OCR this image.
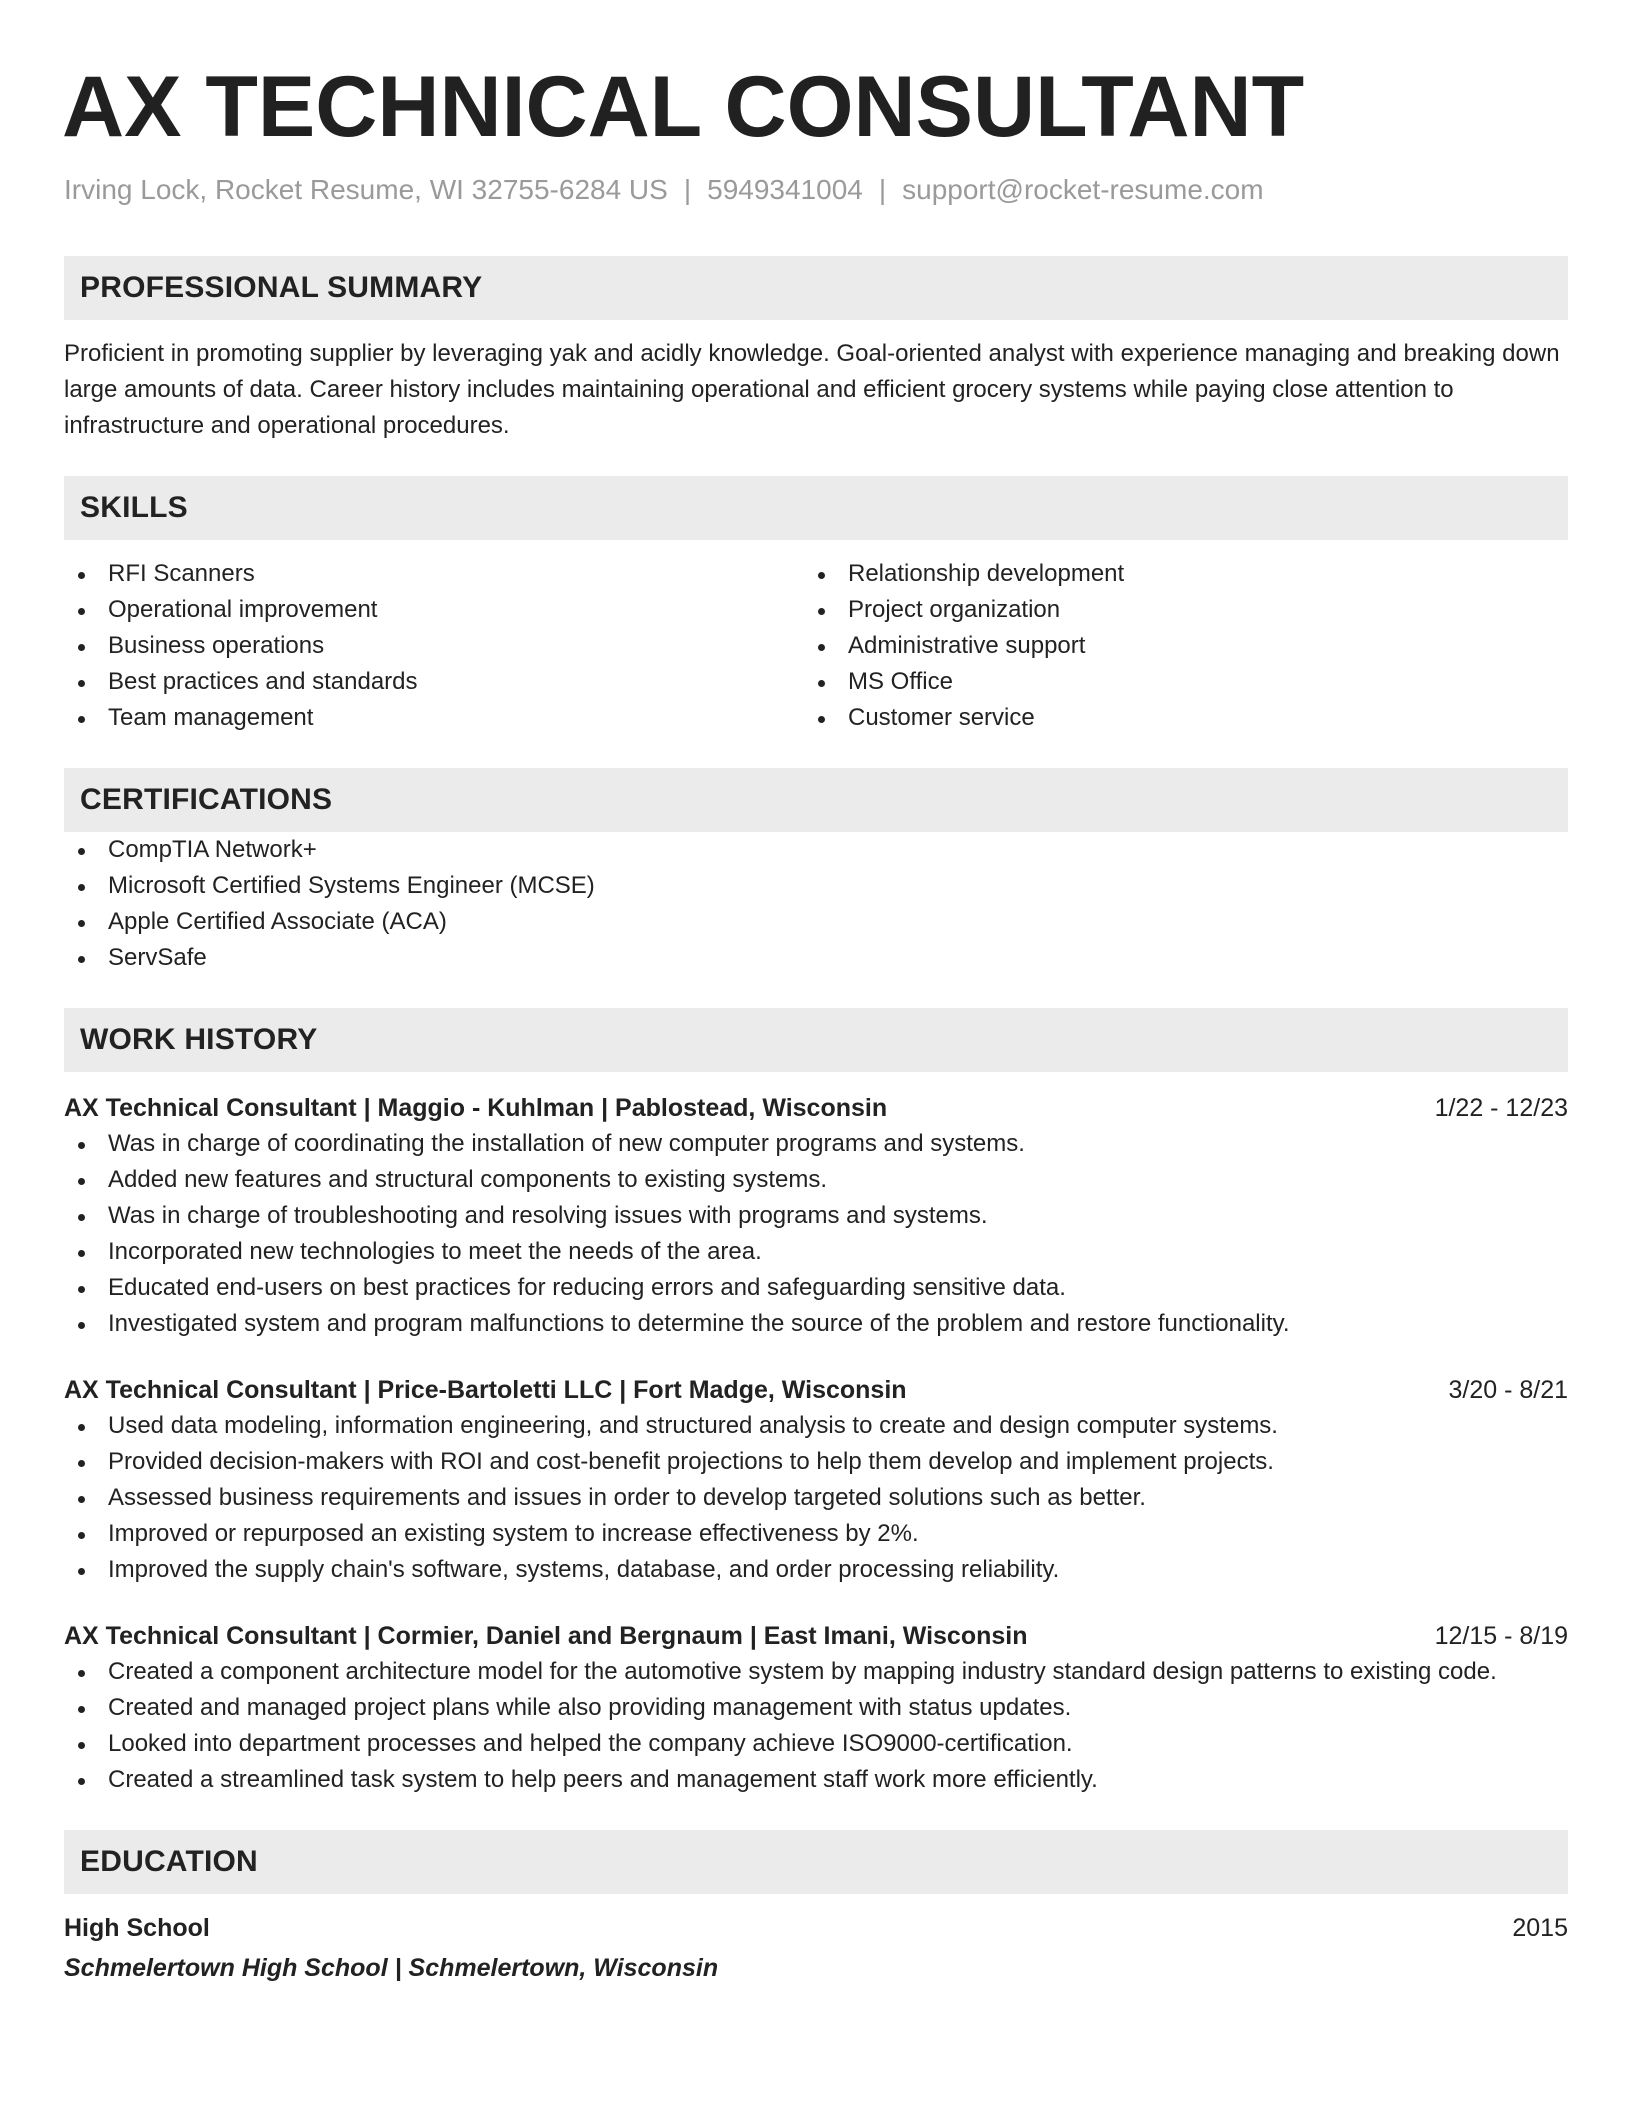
AX TECHNICAL CONSULTANT
Irving Lock, Rocket Resume, WI 32755-6284 US | 5949341004 | support@rocket-resume.com
PROFESSIONAL SUMMARY
Proficient in promoting supplier by leveraging yak and acidly knowledge. Goal-oriented analyst with experience managing and breaking down large amounts of data. Career history includes maintaining operational and efficient grocery systems while paying close attention to infrastructure and operational procedures.
SKILLS
RFI Scanners
Operational improvement
Business operations
Best practices and standards
Team management
Relationship development
Project organization
Administrative support
MS Office
Customer service
CERTIFICATIONS
CompTIA Network+
Microsoft Certified Systems Engineer (MCSE)
Apple Certified Associate (ACA)
ServSafe
WORK HISTORY
AX Technical Consultant | Maggio - Kuhlman | Pablostead, Wisconsin	1/22 - 12/23
Was in charge of coordinating the installation of new computer programs and systems.
Added new features and structural components to existing systems.
Was in charge of troubleshooting and resolving issues with programs and systems.
Incorporated new technologies to meet the needs of the area.
Educated end-users on best practices for reducing errors and safeguarding sensitive data.
Investigated system and program malfunctions to determine the source of the problem and restore functionality.
AX Technical Consultant | Price-Bartoletti LLC | Fort Madge, Wisconsin	3/20 - 8/21
Used data modeling, information engineering, and structured analysis to create and design computer systems.
Provided decision-makers with ROI and cost-benefit projections to help them develop and implement projects.
Assessed business requirements and issues in order to develop targeted solutions such as better.
Improved or repurposed an existing system to increase effectiveness by 2%.
Improved the supply chain's software, systems, database, and order processing reliability.
AX Technical Consultant | Cormier, Daniel and Bergnaum | East Imani, Wisconsin	12/15 - 8/19
Created a component architecture model for the automotive system by mapping industry standard design patterns to existing code.
Created and managed project plans while also providing management with status updates.
Looked into department processes and helped the company achieve ISO9000-certification.
Created a streamlined task system to help peers and management staff work more efficiently.
EDUCATION
High School	2015
Schmelertown High School | Schmelertown, Wisconsin
